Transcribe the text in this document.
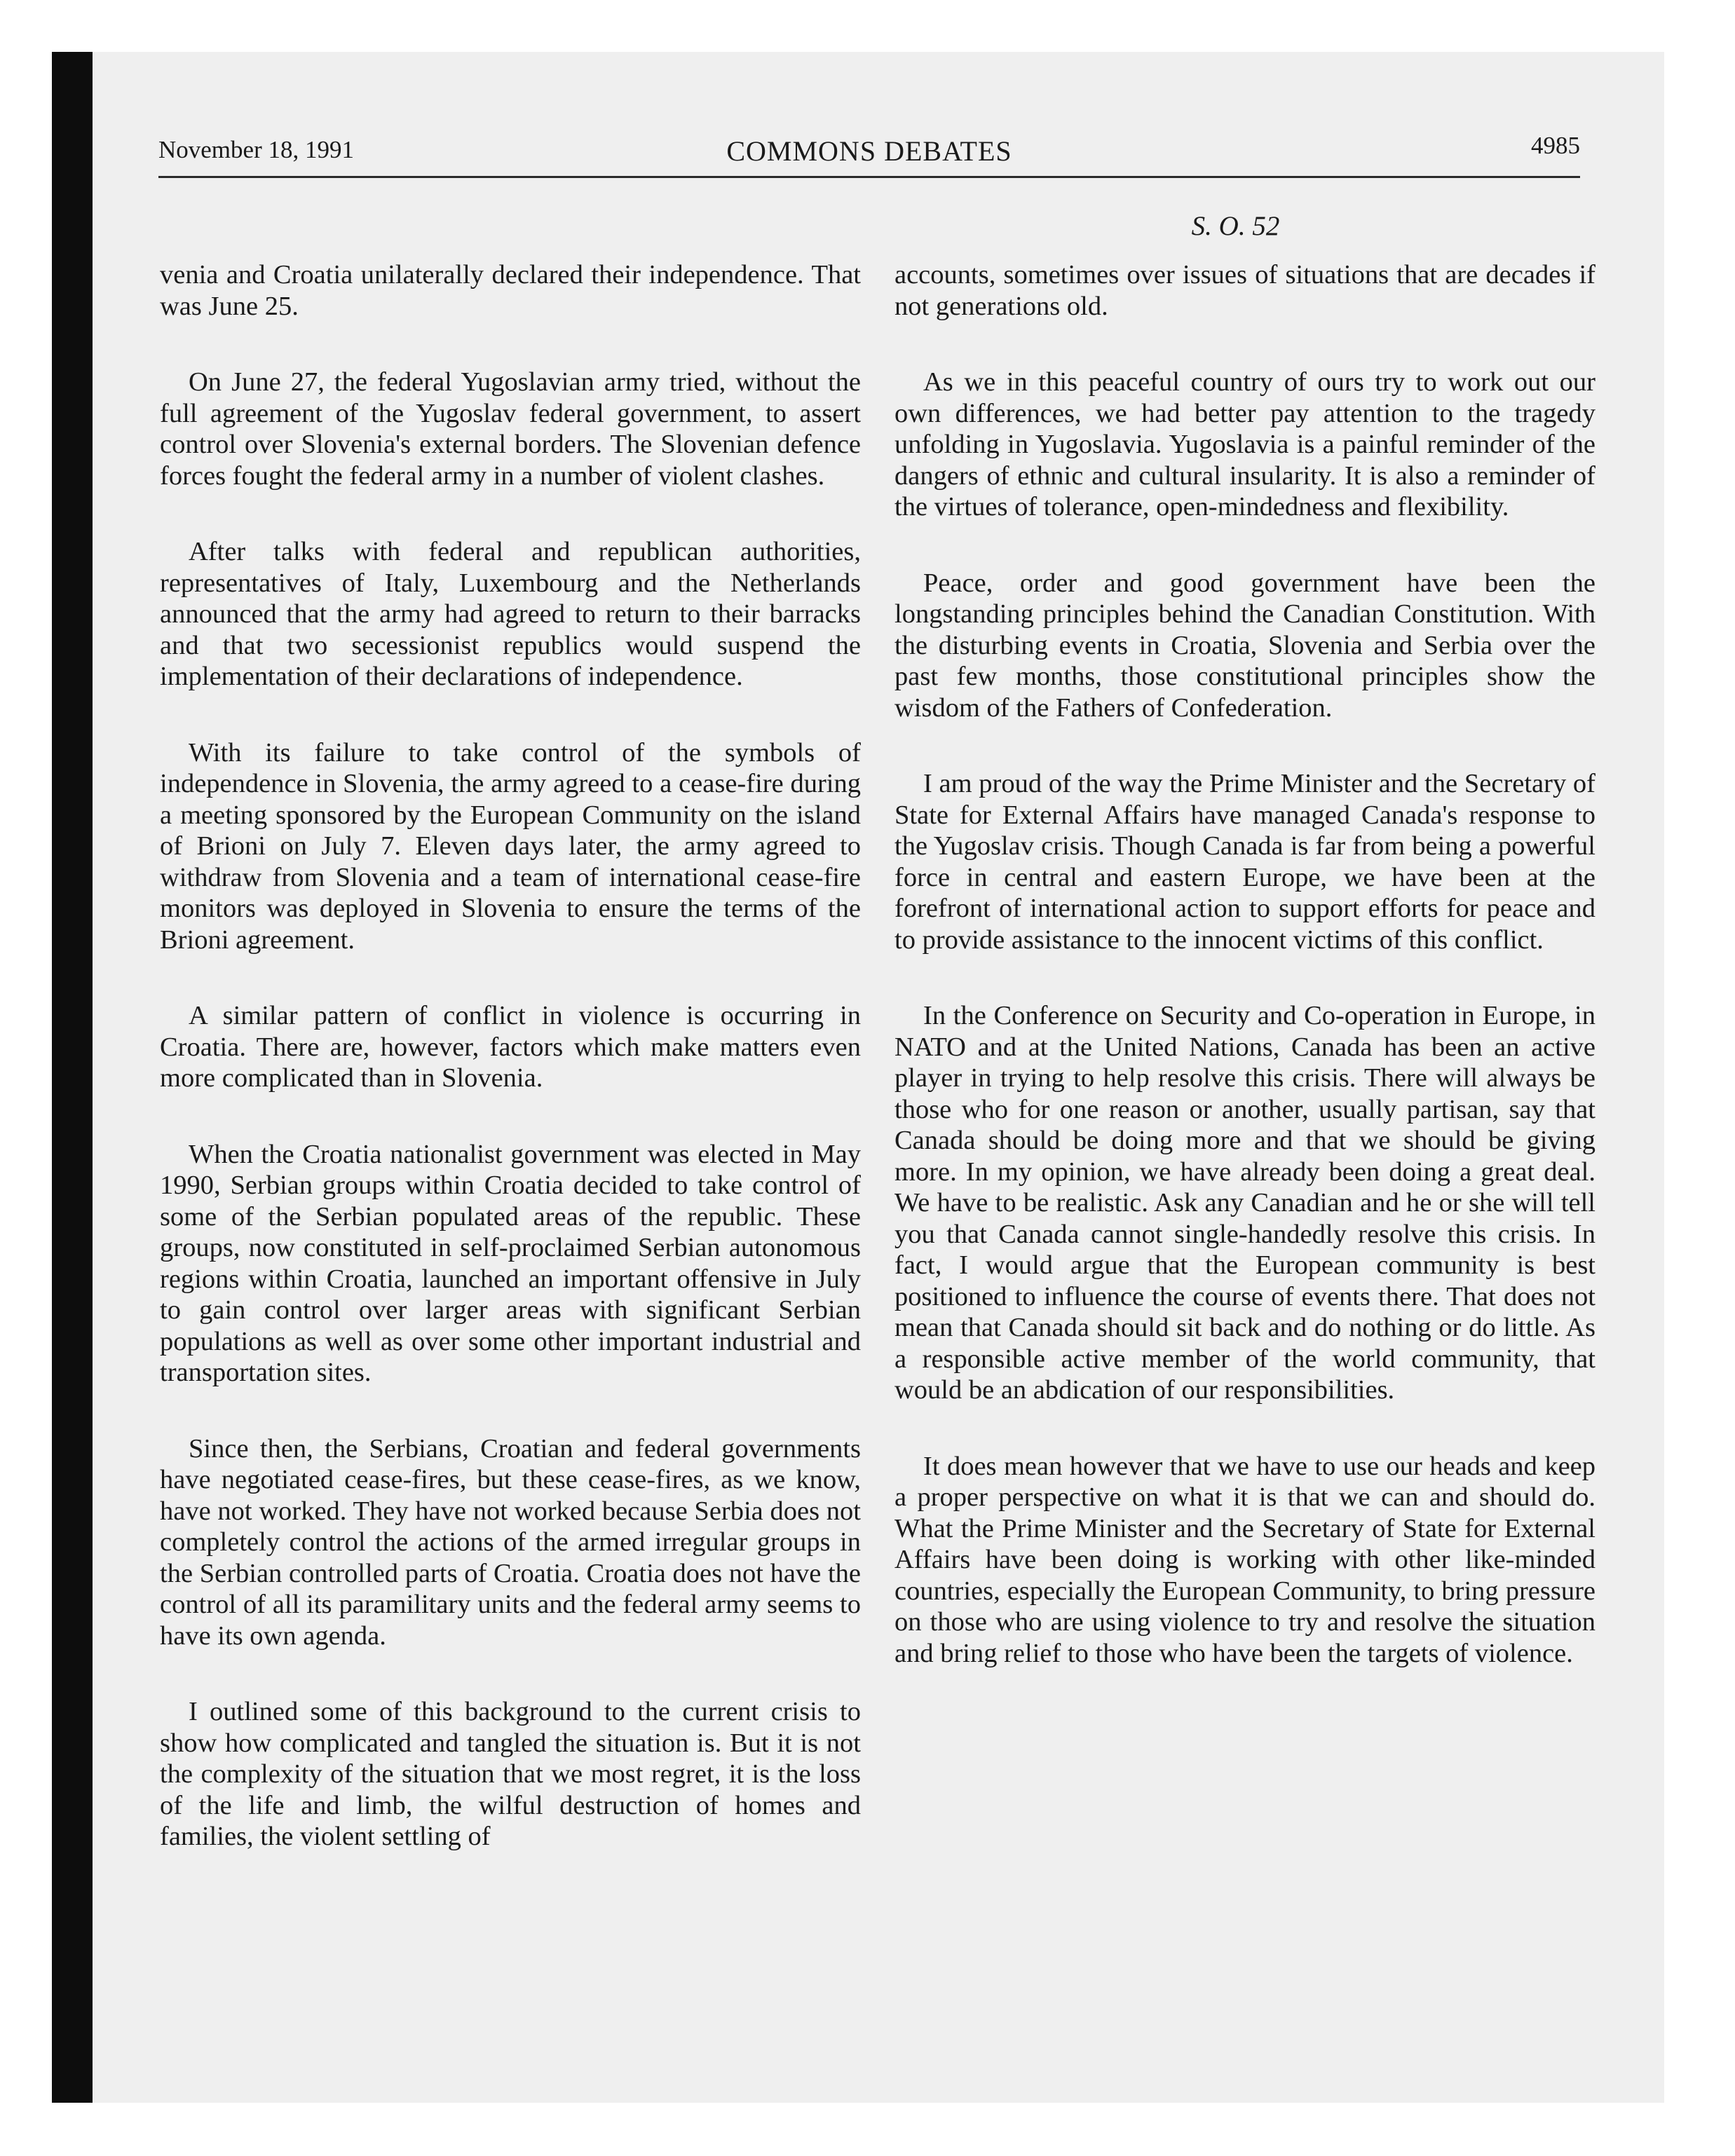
November 18, 1991	COMMONS DEBATES	4985
S. O. 52

venia and Croatia unilaterally declared their independence. That was June 25.

On June 27, the federal Yugoslavian army tried, without the full agreement of the Yugoslav federal government, to assert control over Slovenia's external borders. The Slovenian defence forces fought the federal army in a number of violent clashes.

After talks with federal and republican authorities, representatives of Italy, Luxembourg and the Netherlands announced that the army had agreed to return to their barracks and that two secessionist republics would suspend the implementation of their declarations of independence.

With its failure to take control of the symbols of independence in Slovenia, the army agreed to a cease-fire during a meeting sponsored by the European Community on the island of Brioni on July 7. Eleven days later, the army agreed to withdraw from Slovenia and a team of international cease-fire monitors was deployed in Slovenia to ensure the terms of the Brioni agreement.

A similar pattern of conflict in violence is occurring in Croatia. There are, however, factors which make matters even more complicated than in Slovenia.

When the Croatia nationalist government was elected in May 1990, Serbian groups within Croatia decided to take control of some of the Serbian populated areas of the republic. These groups, now constituted in self-proclaimed Serbian autonomous regions within Croatia, launched an important offensive in July to gain control over larger areas with significant Serbian populations as well as over some other important industrial and transportation sites.

Since then, the Serbians, Croatian and federal governments have negotiated cease-fires, but these cease-fires, as we know, have not worked. They have not worked because Serbia does not completely control the actions of the armed irregular groups in the Serbian controlled parts of Croatia. Croatia does not have the control of all its paramilitary units and the federal army seems to have its own agenda.

I outlined some of this background to the current crisis to show how complicated and tangled the situation is. But it is not the complexity of the situation that we most regret, it is the loss of the life and limb, the wilful destruction of homes and families, the violent settling of

accounts, sometimes over issues of situations that are decades if not generations old.

As we in this peaceful country of ours try to work out our own differences, we had better pay attention to the tragedy unfolding in Yugoslavia. Yugoslavia is a painful reminder of the dangers of ethnic and cultural insularity. It is also a reminder of the virtues of tolerance, open-mindedness and flexibility.

Peace, order and good government have been the longstanding principles behind the Canadian Constitution. With the disturbing events in Croatia, Slovenia and Serbia over the past few months, those constitutional principles show the wisdom of the Fathers of Confederation.

I am proud of the way the Prime Minister and the Secretary of State for External Affairs have managed Canada's response to the Yugoslav crisis. Though Canada is far from being a powerful force in central and eastern Europe, we have been at the forefront of international action to support efforts for peace and to provide assistance to the innocent victims of this conflict.

In the Conference on Security and Co-operation in Europe, in NATO and at the United Nations, Canada has been an active player in trying to help resolve this crisis. There will always be those who for one reason or another, usually partisan, say that Canada should be doing more and that we should be giving more. In my opinion, we have already been doing a great deal. We have to be realistic. Ask any Canadian and he or she will tell you that Canada cannot single-handedly resolve this crisis. In fact, I would argue that the European community is best positioned to influence the course of events there. That does not mean that Canada should sit back and do nothing or do little. As a responsible active member of the world community, that would be an abdication of our responsibilities.

It does mean however that we have to use our heads and keep a proper perspective on what it is that we can and should do. What the Prime Minister and the Secretary of State for External Affairs have been doing is working with other like-minded countries, especially the European Community, to bring pressure on those who are using violence to try and resolve the situation and bring relief to those who have been the targets of violence.
